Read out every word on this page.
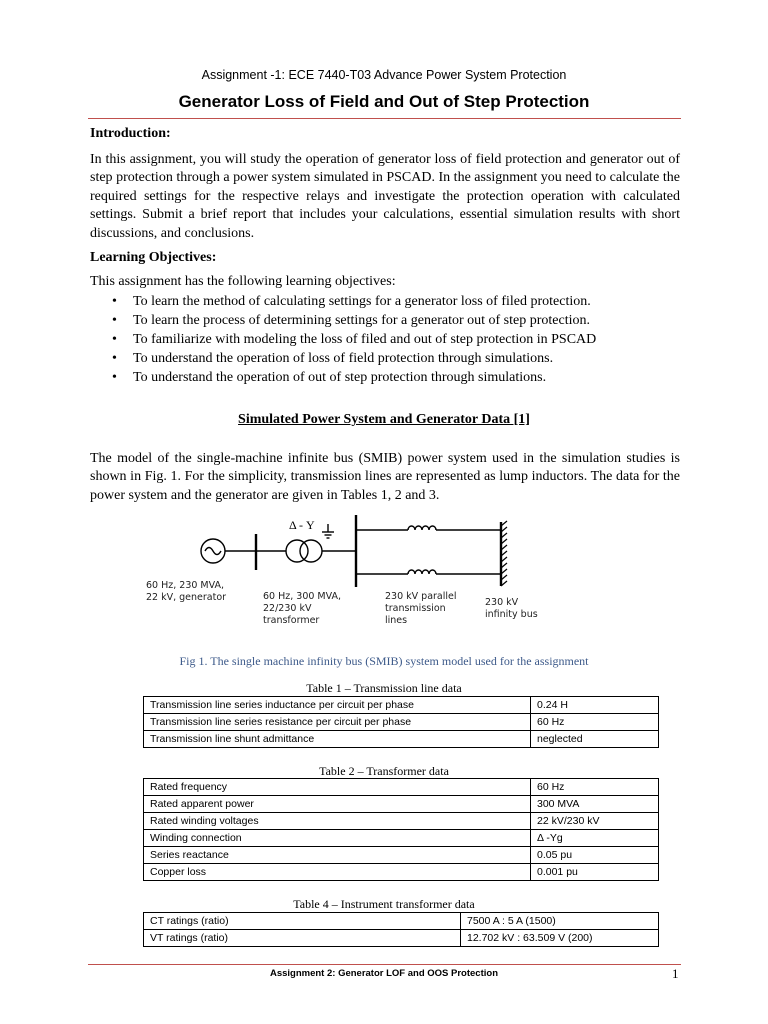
Assignment -1: ECE 7440-T03 Advance Power System Protection
Generator Loss of Field and Out of Step Protection
Introduction:
In this assignment, you will study the operation of generator loss of field protection and generator out of step protection through a power system simulated in PSCAD. In the assignment you need to calculate the required settings for the respective relays and investigate the protection operation with calculated settings. Submit a brief report that includes your calculations, essential simulation results with short discussions, and conclusions.
Learning Objectives:
This assignment has the following learning objectives:
• To learn the method of calculating settings for a generator loss of filed protection.
• To learn the process of determining settings for a generator out of step protection.
• To familiarize with modeling the loss of filed and out of step protection in PSCAD
• To understand the operation of loss of field protection through simulations.
• To understand the operation of out of step protection through simulations.
Simulated Power System and Generator Data [1]
The model of the single-machine infinite bus (SMIB) power system used in the simulation studies is shown in Fig. 1. For the simplicity, transmission lines are represented as lump inductors. The data for the power system and the generator are given in Tables 1, 2 and 3.
Δ - Y
60 Hz, 230 MVA,
22 kV, generator	60 Hz, 300 MVA,
22/230 kV
transformer
230 kV parallel
transmission
lines
230 kV
infinity bus
Fig 1. The single machine infinity bus (SMIB) system model used for the assignment
Table 1 – Transmission line data
Transmission line series inductance per circuit per phase	0.24 H
Transmission line series resistance per circuit per phase	60 Hz
Transmission line shunt admittance	neglected
Table 2 – Transformer data
Rated frequency	60 Hz
Rated apparent power	300 MVA
Rated winding voltages	22 kV/230 kV
Winding connection	Δ -Yg
Series reactance	0.05 pu
Copper loss	0.001 pu
Table 4 – Instrument transformer data
CT ratings (ratio)	7500 A : 5 A (1500)
VT ratings (ratio)	12.702 kV : 63.509 V (200)
Assignment 2: Generator LOF and OOS Protection	1
